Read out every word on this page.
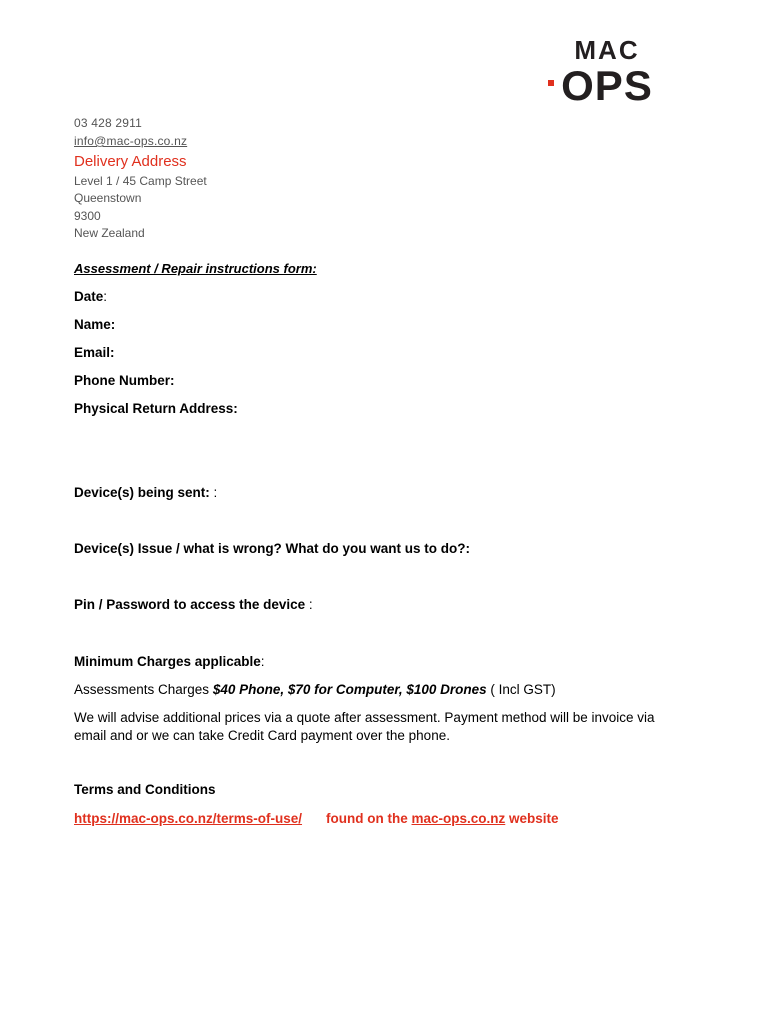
MAC
OPS
03 428 2911
info@mac-ops.co.nz
Delivery Address
Level 1 / 45 Camp Street
Queenstown
9300
New Zealand
Assessment / Repair instructions form:
Date:
Name:
Email:
Phone Number:
Physical Return Address:
Device(s) being sent: :
Device(s) Issue / what is wrong? What do you want us to do?:
Pin / Password to access the device :
Minimum Charges applicable:
Assessments Charges $40 Phone, $70 for Computer, $100 Drones ( Incl GST)
We will advise additional prices via a quote after assessment. Payment method will be invoice via
email and or we can take Credit Card payment over the phone.
Terms and Conditions
https://mac-ops.co.nz/terms-of-use/ found on the mac-ops.co.nz website
